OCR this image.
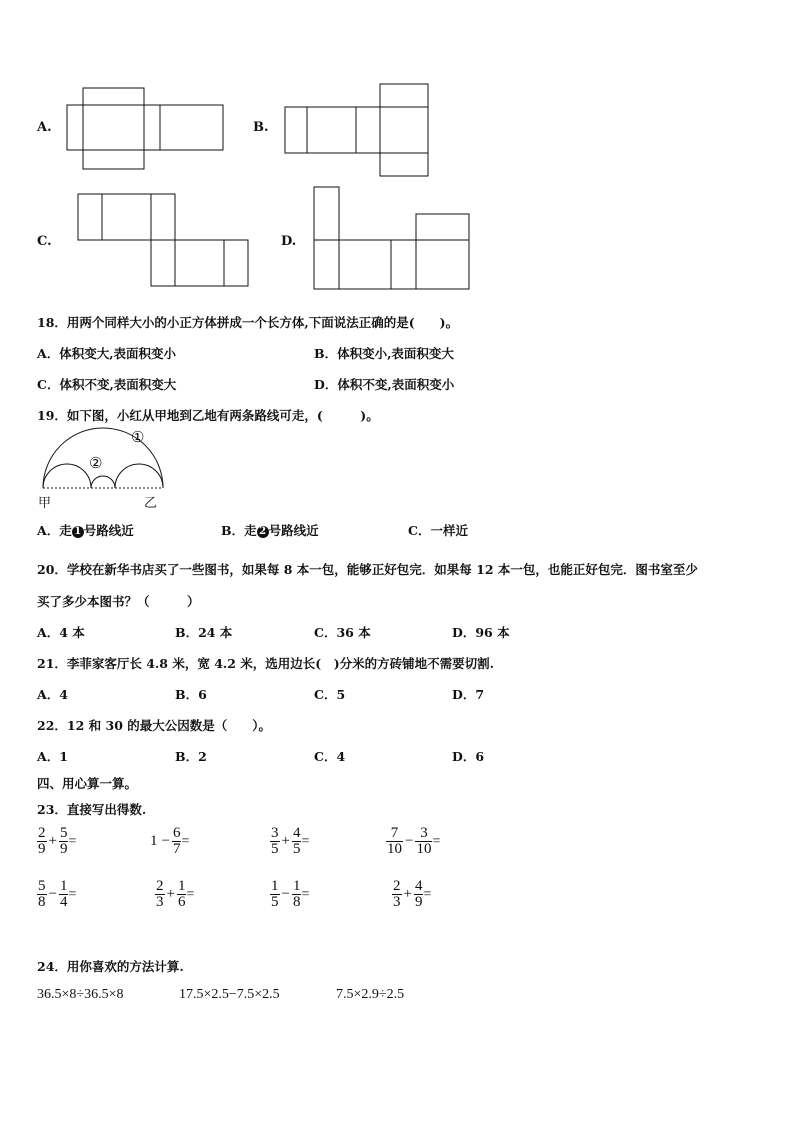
A.	B.
C.	D.
18．用两个同样大小的小正方体拼成一个长方体,下面说法正确的是(　　)。
A．体积变大,表面积变小	B．体积变小,表面积变大
C．体积不变,表面积变大	D．体积不变,表面积变小
19．如下图，小红从甲地到乙地有两条路线可走，(　　　)。
①
②
甲	乙
A．走 1 号路线近	B．走 2 号路线近	C．一样近
20．学校在新华书店买了一些图书，如果每 8 本一包，能够正好包完．如果每 12 本一包，也能正好包完．图书室至少
买了多少本图书？（　　　）
A．4 本	B．24 本	C．36 本	D．96 本
21．李菲家客厅长 4.8 米，宽 4.2 米，选用边长(　)分米的方砖铺地不需要切割.
A．4	B．6	C．5	D．7
22．12 和 30 的最大公因数是（　　）。
A．1	B．2	C．4	D．6
四、用心算一算。
23．直接写出得数.
$\frac{2}{9} + \frac{5}{9}$ =	$1 - \frac{6}{7}$ =	$\frac{3}{5} + \frac{4}{5}$ =	$\frac{7}{10} - \frac{3}{10}$ =
$\frac{5}{8} - \frac{1}{4}$ =	$\frac{2}{3} + \frac{1}{6}$ =	$\frac{1}{5} - \frac{1}{8}$ =	$\frac{2}{3} + \frac{4}{9}$ =
24．用你喜欢的方法计算.
36.5×8÷36.5×8	17.5×2.5−7.5×2.5	7.5×2.9÷2.5
